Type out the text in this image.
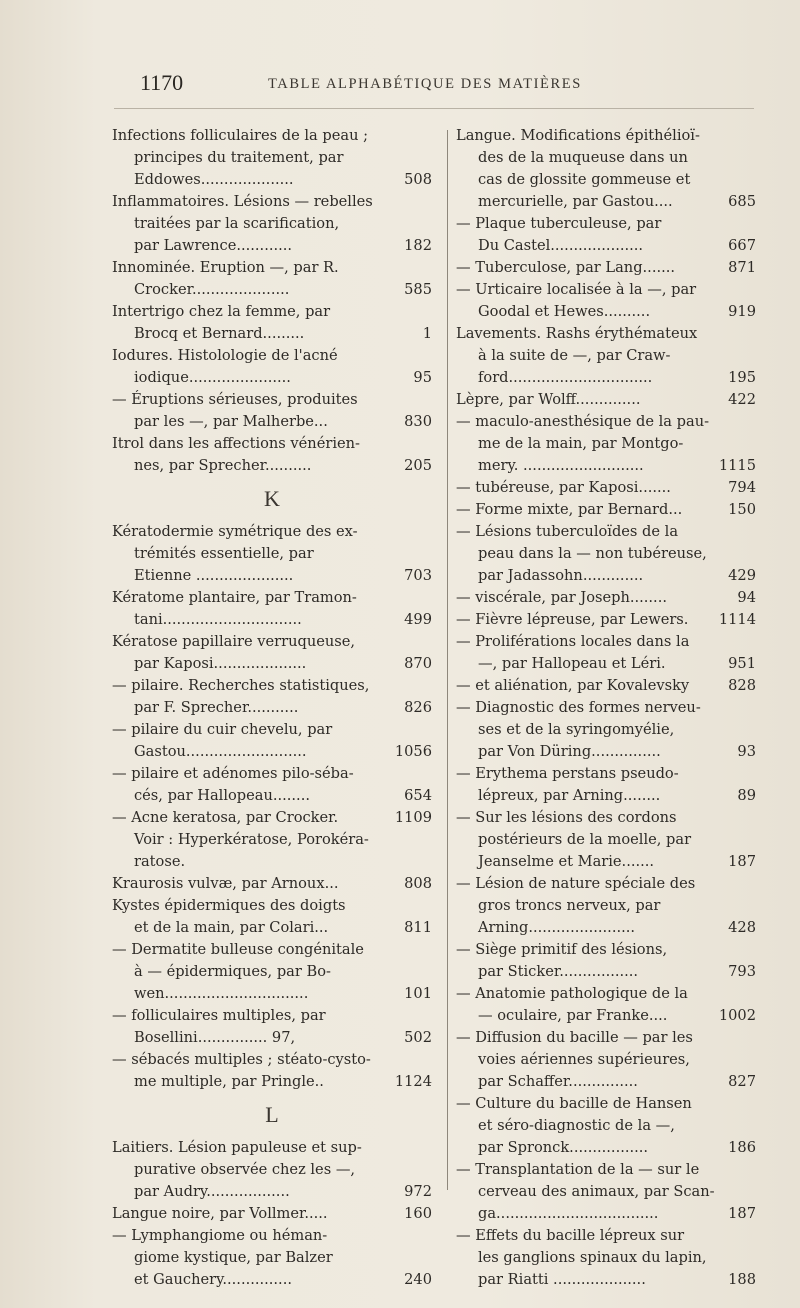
1170	TABLE ALPHABÉTIQUE DES MATIÈRES
Infections folliculaires de la peau ;
principes du traitement, par
Eddowes....................	508
Inflammatoires. Lésions — rebelles
traitées par la scarification,
par Lawrence............	182
Innominée. Eruption —, par R.
Crocker.....................	585
Intertrigo chez la femme, par
Brocq et Bernard.........	1
Iodures. Histolologie de l'acné
iodique......................	95
— Éruptions sérieuses, produites
par les —, par Malherbe...	830
Itrol dans les affections vénérien-
nes, par Sprecher..........	205
K
Kératodermie symétrique des ex-
trémités essentielle, par
Etienne .....................	703
Kératome plantaire, par Tramon-
tani..............................	499
Kératose papillaire verruqueuse,
par Kaposi....................	870
— pilaire. Recherches statistiques,
par F. Sprecher...........	826
— pilaire du cuir chevelu, par
Gastou..........................	1056
— pilaire et adénomes pilo-séba-
cés, par Hallopeau........	654
— Acne keratosa, par Crocker.	1109
Voir : Hyperkératose, Porokéra-
ratose.
Kraurosis vulvæ, par Arnoux...	808
Kystes épidermiques des doigts
et de la main, par Colari...	811
— Dermatite bulleuse congénitale
à — épidermiques, par Bo-
wen...............................	101
— folliculaires multiples, par
Bosellini............... 97,	502
— sébacés multiples ; stéato-cysto-
me multiple, par Pringle..	1124
L
Laitiers. Lésion papuleuse et sup-
purative observée chez les —,
par Audry..................	972
Langue noire, par Vollmer.....	160
— Lymphangiome ou héman-
giome kystique, par Balzer
et Gauchery...............	240
Langue. Modifications épithélioï-
des de la muqueuse dans un
cas de glossite gommeuse et
mercurielle, par Gastou....	685
— Plaque tuberculeuse, par
Du Castel....................	667
— Tuberculose, par Lang.......	871
— Urticaire localisée à la —, par
Goodal et Hewes..........	919
Lavements. Rashs érythémateux
à la suite de —, par Craw-
ford...............................	195
Lèpre, par Wolff..............	422
— maculo-anesthésique de la pau-
me de la main, par Montgo-
mery. ..........................	1115
— tubéreuse, par Kaposi.......	794
— Forme mixte, par Bernard...	150
— Lésions tuberculoïdes de la
peau dans la — non tubéreuse,
par Jadassohn.............	429
— viscérale, par Joseph........	94
— Fièvre lépreuse, par Lewers. 1114
— Proliférations locales dans la
—, par Hallopeau et Léri.	951
— et aliénation, par Kovalevsky	828
— Diagnostic des formes nerveu-
ses et de la syringomyélie,
par Von Düring...............	93
— Erythema perstans pseudo-
lépreux, par Arning........	89
— Sur les lésions des cordons
postérieurs de la moelle, par
Jeanselme et Marie.......	187
— Lésion de nature spéciale des
gros troncs nerveux, par
Arning.......................	428
— Siège primitif des lésions,
par Sticker.................	793
— Anatomie pathologique de la
— oculaire, par Franke....	1002
— Diffusion du bacille — par les
voies aériennes supérieures,
par Schaffer...............	827
— Culture du bacille de Hansen
et séro-diagnostic de la —,
par Spronck.................	186
— Transplantation de la — sur le
cerveau des animaux, par Scan-
ga...................................	187
— Effets du bacille lépreux sur
les ganglions spinaux du lapin,
par Riatti ....................	188
